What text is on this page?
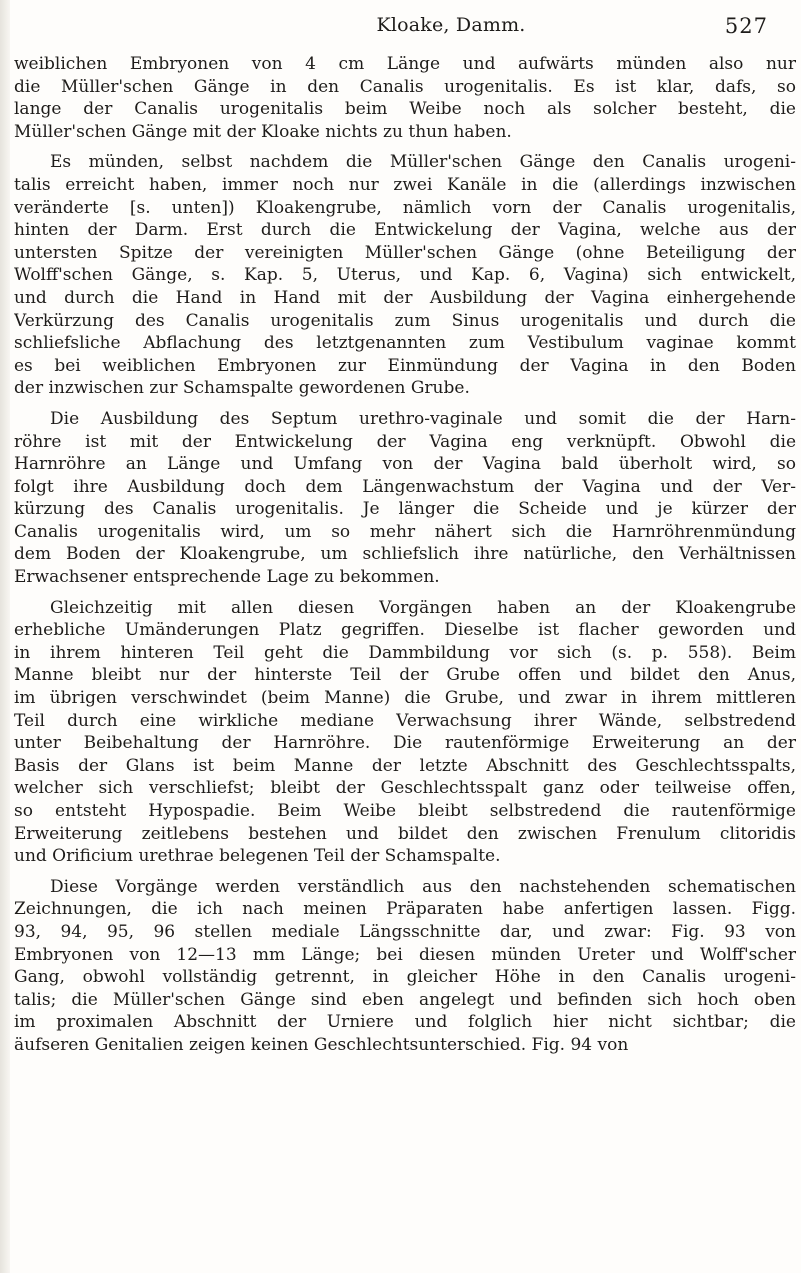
Kloake, Damm.	527
weiblichen Embryonen von 4 cm Länge und aufwärts münden also nur
die Müller'schen Gänge in den Canalis urogenitalis. Es ist klar, dafs, so
lange der Canalis urogenitalis beim Weibe noch als solcher besteht, die
Müller'schen Gänge mit der Kloake nichts zu thun haben.
Es münden, selbst nachdem die Müller'schen Gänge den Canalis urogeni-
talis erreicht haben, immer noch nur zwei Kanäle in die (allerdings inzwischen
veränderte [s. unten]) Kloakengrube, nämlich vorn der Canalis urogenitalis,
hinten der Darm. Erst durch die Entwickelung der Vagina, welche aus der
untersten Spitze der vereinigten Müller'schen Gänge (ohne Beteiligung der
Wolff'schen Gänge, s. Kap. 5, Uterus, und Kap. 6, Vagina) sich entwickelt,
und durch die Hand in Hand mit der Ausbildung der Vagina einhergehende
Verkürzung des Canalis urogenitalis zum Sinus urogenitalis und durch die
schliefsliche Abflachung des letztgenannten zum Vestibulum vaginae kommt
es bei weiblichen Embryonen zur Einmündung der Vagina in den Boden
der inzwischen zur Schamspalte gewordenen Grube.
Die Ausbildung des Septum urethro-vaginale und somit die der Harn-
röhre ist mit der Entwickelung der Vagina eng verknüpft. Obwohl die
Harnröhre an Länge und Umfang von der Vagina bald überholt wird, so
folgt ihre Ausbildung doch dem Längenwachstum der Vagina und der Ver-
kürzung des Canalis urogenitalis. Je länger die Scheide und je kürzer der
Canalis urogenitalis wird, um so mehr nähert sich die Harnröhrenmündung
dem Boden der Kloakengrube, um schliefslich ihre natürliche, den Verhältnissen
Erwachsener entsprechende Lage zu bekommen.
Gleichzeitig mit allen diesen Vorgängen haben an der Kloakengrube
erhebliche Umänderungen Platz gegriffen. Dieselbe ist flacher geworden und
in ihrem hinteren Teil geht die Dammbildung vor sich (s. p. 558). Beim
Manne bleibt nur der hinterste Teil der Grube offen und bildet den Anus,
im übrigen verschwindet (beim Manne) die Grube, und zwar in ihrem mittleren
Teil durch eine wirkliche mediane Verwachsung ihrer Wände, selbstredend
unter Beibehaltung der Harnröhre. Die rautenförmige Erweiterung an der
Basis der Glans ist beim Manne der letzte Abschnitt des Geschlechtsspalts,
welcher sich verschliefst; bleibt der Geschlechtsspalt ganz oder teilweise offen,
so entsteht Hypospadie. Beim Weibe bleibt selbstredend die rautenförmige
Erweiterung zeitlebens bestehen und bildet den zwischen Frenulum clitoridis
und Orificium urethrae belegenen Teil der Schamspalte.
Diese Vorgänge werden verständlich aus den nachstehenden schematischen
Zeichnungen, die ich nach meinen Präparaten habe anfertigen lassen. Figg.
93, 94, 95, 96 stellen mediale Längsschnitte dar, und zwar: Fig. 93 von
Embryonen von 12—13 mm Länge; bei diesen münden Ureter und Wolff'scher
Gang, obwohl vollständig getrennt, in gleicher Höhe in den Canalis urogeni-
talis; die Müller'schen Gänge sind eben angelegt und befinden sich hoch oben
im proximalen Abschnitt der Urniere und folglich hier nicht sichtbar; die
äufseren Genitalien zeigen keinen Geschlechtsunterschied. Fig. 94 von
